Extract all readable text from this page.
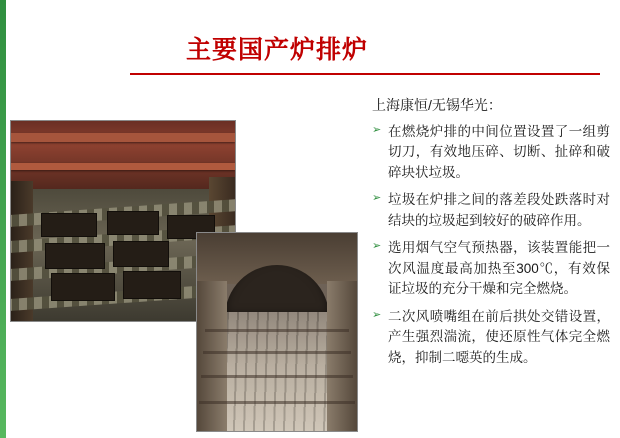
主要国产炉排炉

上海康恒/无锡华光：

➢ 在燃烧炉排的中间位置设置了一组剪切刀，有效地压碎、切断、扯碎和破碎块状垃圾。
➢ 垃圾在炉排之间的落差段处跌落时对结块的垃圾起到较好的破碎作用。
➢ 选用烟气空气预热器，该装置能把一次风温度最高加热至300℃，有效保证垃圾的充分干燥和完全燃烧。
➢ 二次风喷嘴组在前后拱处交错设置，产生强烈湍流，使还原性气体完全燃烧，抑制二噁英的生成。
